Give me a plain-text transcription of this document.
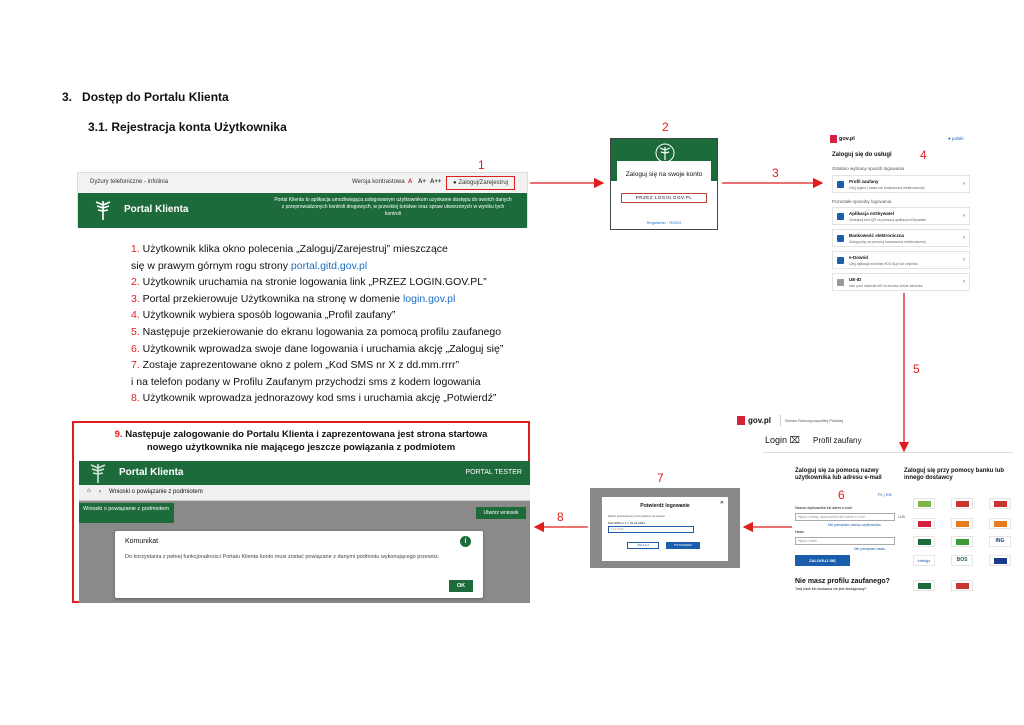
3. Dostęp do Portalu Klienta
3.1. Rejestracja konta Użytkownika
Dyżury telefoniczne - infolinia	Wersja kontrastowa A A+ A++	● Zaloguj/Zarejestruj
Portal Klienta
Portal Klienta to aplikacja umożliwiająca zalogowanym użytkownikom uzyskanie dostępu do swoich danych z przeprowadzonych kontroli drogowych, w przeskiej toristwe oraz spraw utworzonych w wyniku tych kontroli

1. Użytkownik klika okno polecenia „Zaloguj/Zarejestruj” mieszczące

się w prawym górnym rogu strony portal.gitd.gov.pl

2. Użytkownik uruchamia na stronie logowania link „PRZEZ LOGIN.GOV.PL”

3. Portal przekierowuje Użytkownika na stronę w domenie login.gov.pl

4. Użytkownik wybiera sposób logowania „Profil zaufany”

5. Następuje przekierowanie do ekranu logowania za pomocą profilu zaufanego

6. Użytkownik wprowadza swoje dane logowania i uruchamia akcję „Zaloguj się”

7. Zostaje zaprezentowane okno z polem „Kod SMS nr X z dd.mm.rrrr”

i na telefon podany w Profilu Zaufanym przychodzi sms z kodem logowania

8. Użytkownik wprowadza jednorazowy kod sms i uruchamia akcję „Potwierdź”

1
2
3
4
5
6
7
8
Zaloguj się na swoje konto
PRZEZ LOGIN.GOV.PL
Regulamin · RODO
gov.pl	● polski
Zaloguj się do usługi
Ostatnio wybrany sposób logowania
Profil zaufany
Użyj loginu i hasła lub bankowości elektronicznej
›
Pozostałe sposoby logowania
Aplikacja mObywatel
Zeskanuj kod QR za pomocą aplikacji mObywatel
›
Bankowość elektroniczna
Zaloguj się za pomocą bankowości elektronicznej
›
e-Dowód
Użyj aplikacji mobilnej eDO App lub czytnika
›
UE-ID
Use your national eID to access online services
›
gov.pl	Serwis Rzeczypospolitej Polskiej
Login ⌧ Profil zaufany
Zaloguj się za pomocą nazwy użytkownika lub adresu e-mail
Zaloguj się przy pomocy banku lub innego dostawcy
PL | EN
Nazwa użytkownika lub adres e-mail
Wpisz nazwę użytkownika lub adres e-mail	LUB
Nie pamiętam nazwy użytkownika
Hasło
Wpisz hasło
Nie pamiętam hasła
ZALOGUJ SIĘ
Nie masz profilu zaufanego?
Twój bank lub dostawca nie jest obsługiwany?
ING
inteligo	BOS
Potwierdź logowanie	✕
Wpisz jednorazowy kod wysłany na telefon
Kod SMS nr 1 z 01.01.2024
Kod SMS
ANULUJ	POTWIERDŹ
9. Następuje zalogowanie do Portalu Klienta i zaprezentowana jest strona startowa
nowego użytkownika nie mającego jeszcze powiązania z podmiotem
Portal Klienta	PORTAL TESTER
⌂ › Wnioski o powiązanie z podmiotem
Wnioski o powiązanie z podmiotem
Utwórz wniosek
Komunikat	i
Do korzystania z pełnej funkcjonalności Portalu Klienta konto musi zostać powiązane z danymi podmiotu wykonującego przewóz.
OK
